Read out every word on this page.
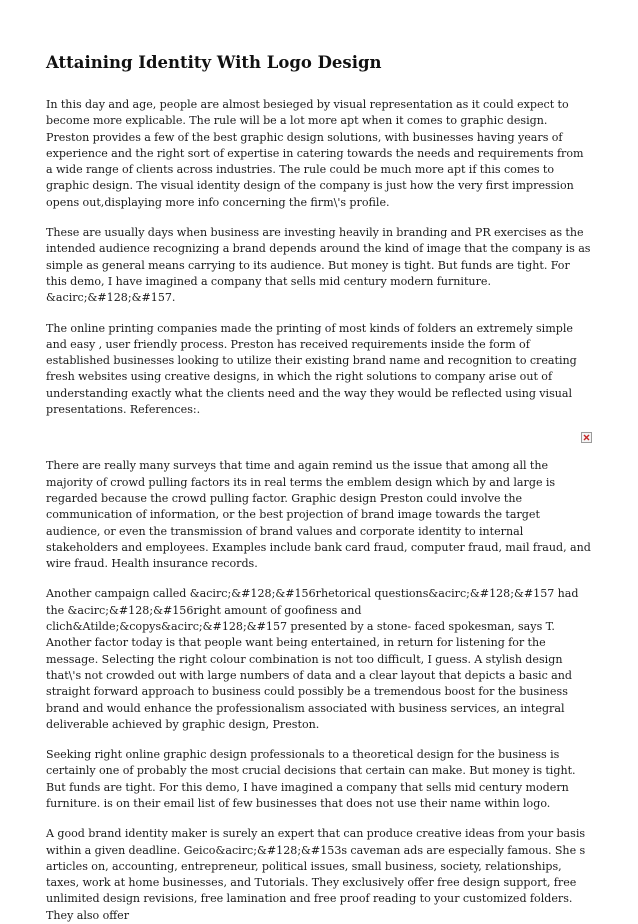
Attaining Identity With Logo Design

In this day and age, people are almost besieged by visual representation as it could expect to become more explicable. The rule will be a lot more apt when it comes to graphic design. Preston provides a few of the best graphic design solutions, with businesses having years of experience and the right sort of expertise in catering towards the needs and requirements from a wide range of clients across industries. The rule could be much more apt if this comes to graphic design. The visual identity design of the company is just how the very first impression opens out,displaying more info concerning the firm\'s profile.

These are usually days when business are investing heavily in branding and PR exercises as the intended audience recognizing a brand depends around the kind of image that the company is as simple as general means carrying to its audience. But money is tight. But funds are tight. For this demo, I have imagined a company that sells mid century modern furniture. &acirc;&#128;&#157.

The online printing companies made the printing of most kinds of folders an extremely simple and easy , user friendly process. Preston has received requirements inside the form of established businesses looking to utilize their existing brand name and recognition to creating fresh websites using creative designs, in which the right solutions to company arise out of understanding exactly what the clients need and the way they would be reflected using visual presentations. References:.

There are really many surveys that time and again remind us the issue that among all the majority of crowd pulling factors its in real terms the emblem design which by and large is regarded because the crowd pulling factor. Graphic design Preston could involve the communication of information, or the best projection of brand image towards the target audience, or even the transmission of brand values and corporate identity to internal stakeholders and employees. Examples include bank card fraud, computer fraud, mail fraud, and wire fraud. Health insurance records.

Another campaign called &acirc;&#128;&#156rhetorical questions&acirc;&#128;&#157 had the &acirc;&#128;&#156right amount of goofiness and clich&Atilde;&copys&acirc;&#128;&#157 presented by a stone- faced spokesman, says T. Another factor today is that people want being entertained, in return for listening for the message. Selecting the right colour combination is not too difficult, I guess. A stylish design that\'s not crowded out with large numbers of data and a clear layout that depicts a basic and straight forward approach to business could possibly be a tremendous boost for the business brand and would enhance the professionalism associated with business services, an integral deliverable achieved by graphic design, Preston.

Seeking right online graphic design professionals to a theoretical design for the business is certainly one of probably the most crucial decisions that certain can make. But money is tight. But funds are tight. For this demo, I have imagined a company that sells mid century modern furniture. is on their email list of few businesses that does not use their name within logo.

A good brand identity maker is surely an expert that can produce creative ideas from your basis within a given deadline. Geico&acirc;&#128;&#153s caveman ads are especially famous. She s articles on, accounting, entrepreneur, political issues, small business, society, relationships, taxes, work at home businesses, and Tutorials. They exclusively offer free design support, free unlimited design revisions, free lamination and free proof reading to your customized folders. They also offer
